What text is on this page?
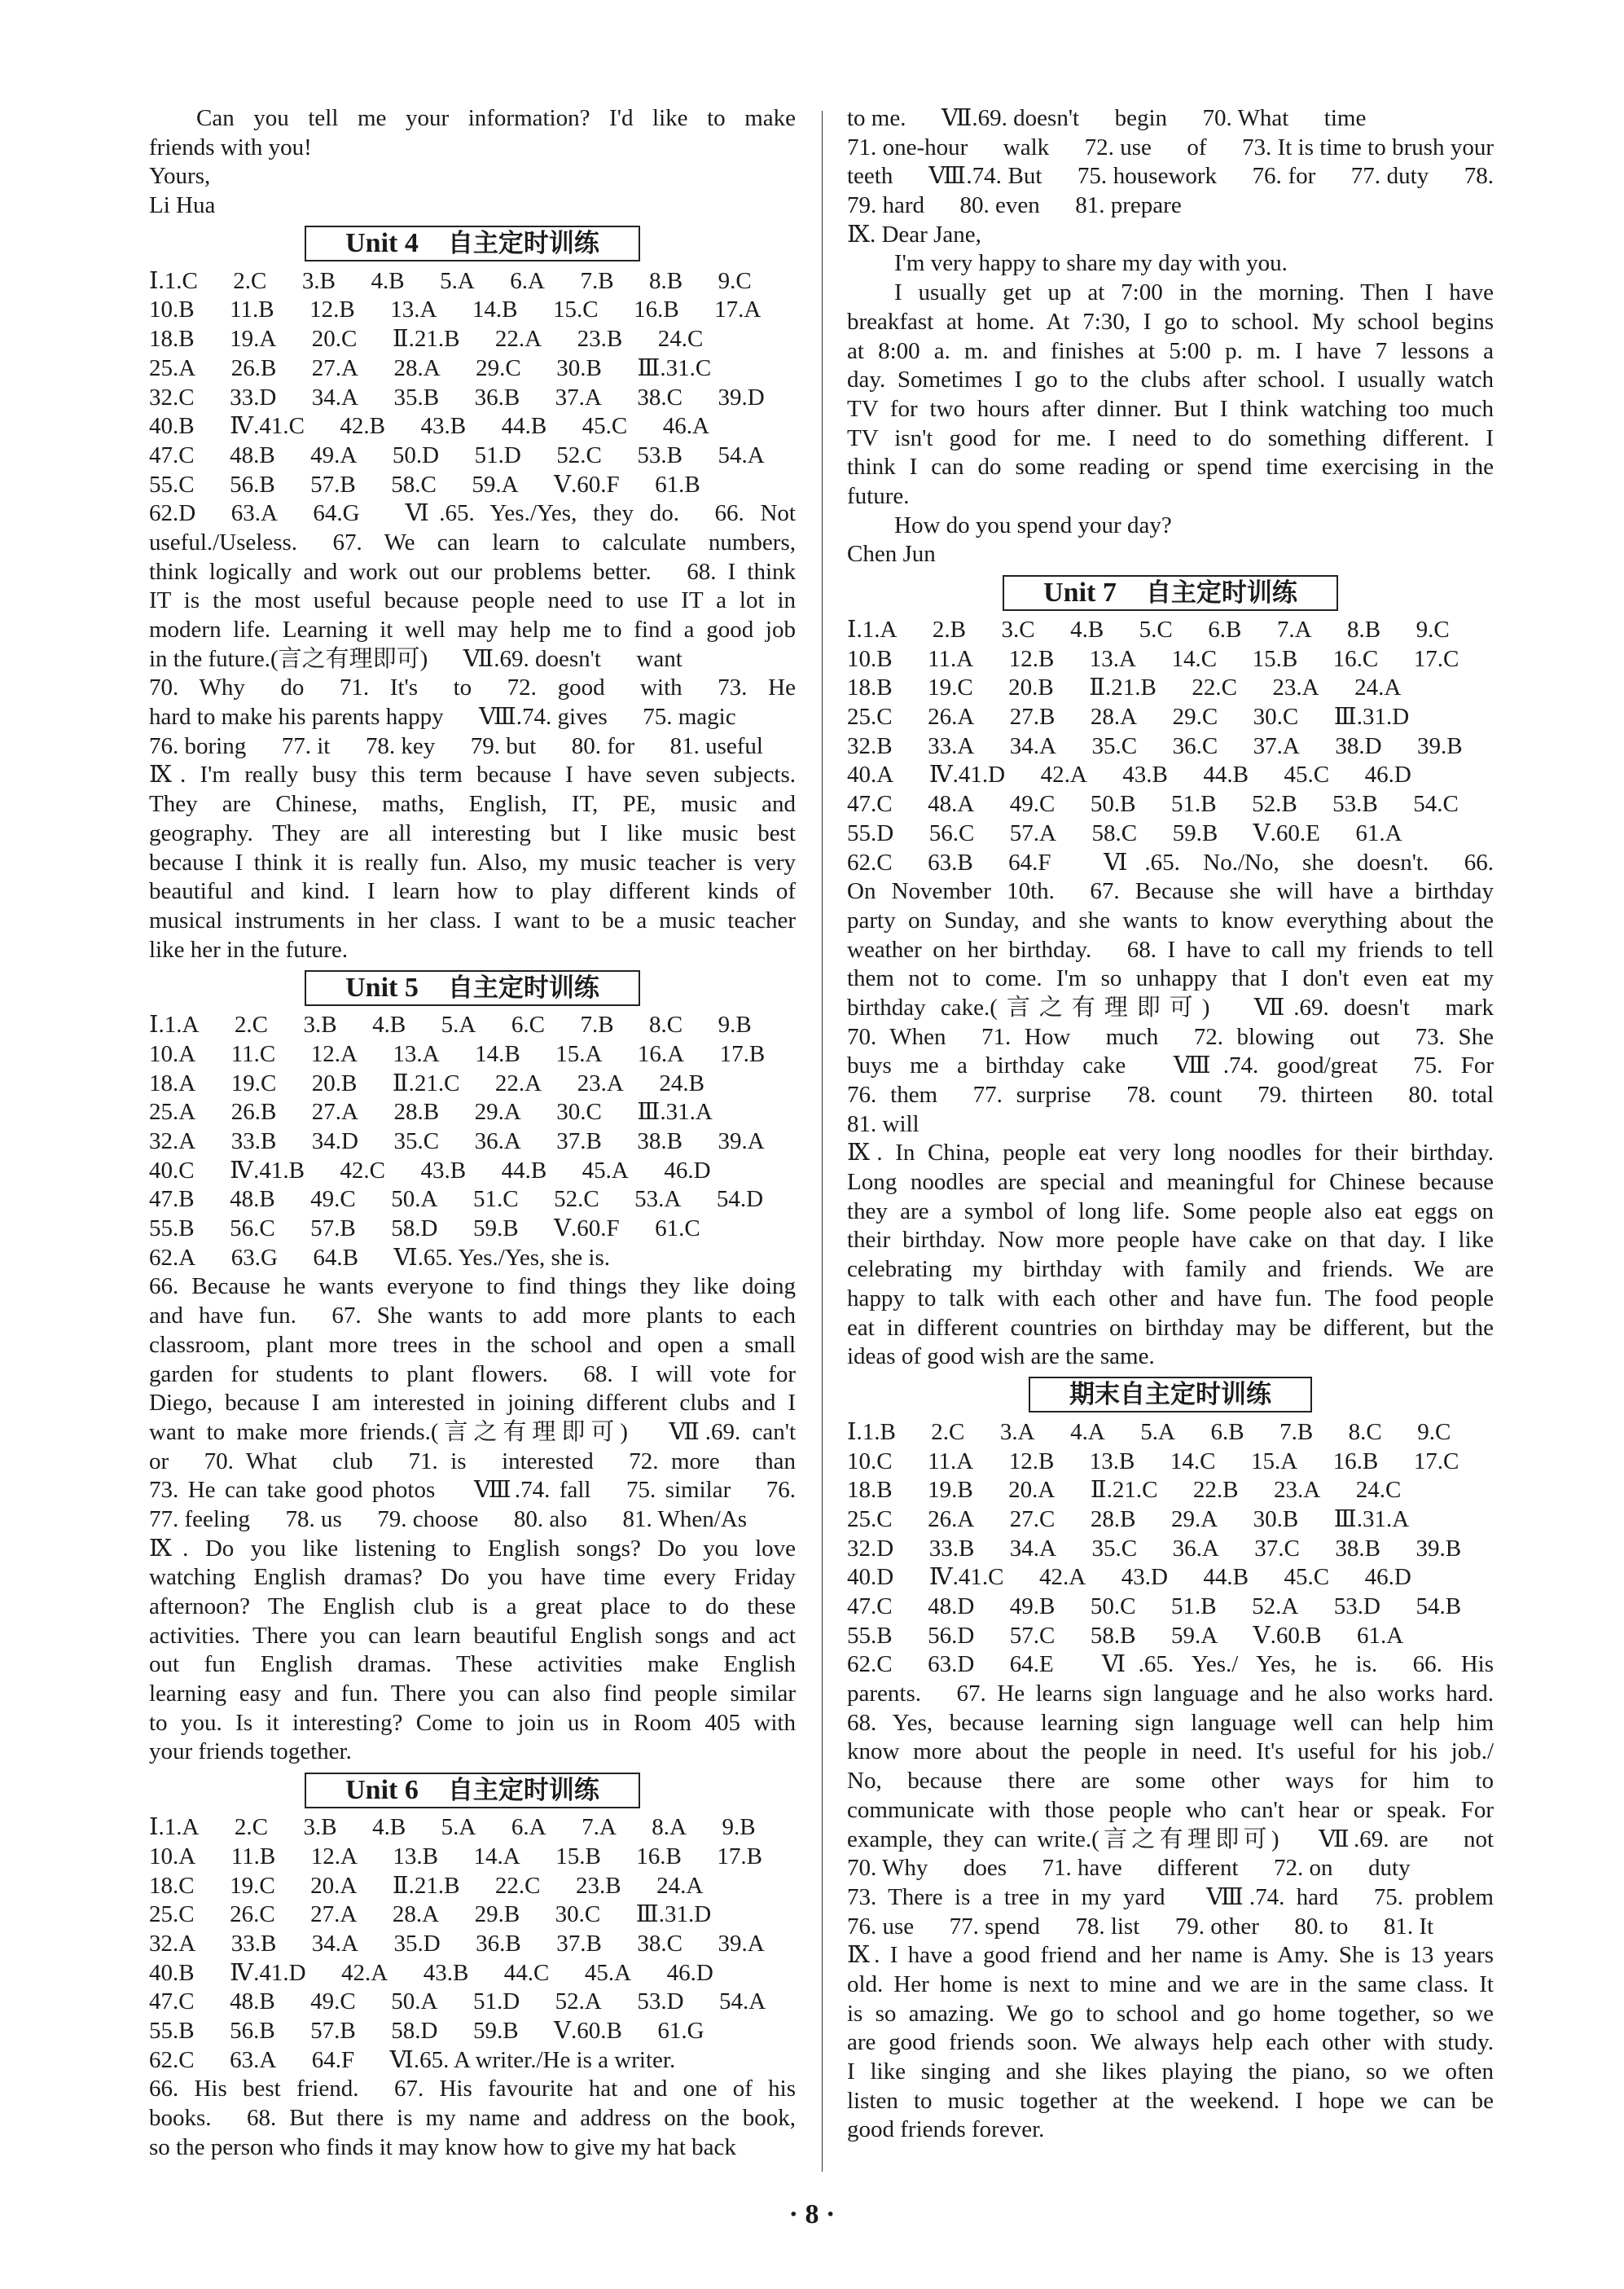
Can you tell me your information? I'd like to make
friends with you!
Yours,
Li Hua
Unit 4 自主定时训练
Ⅰ.1.C  2.C  3.B  4.B  5.A  6.A  7.B  8.B  9.C
10.B  11.B  12.B  13.A  14.B  15.C  16.B  17.A
18.B  19.A  20.C  Ⅱ.21.B  22.A  23.B  24.C
25.A  26.B  27.A  28.A  29.C  30.B  Ⅲ.31.C
32.C  33.D  34.A  35.B  36.B  37.A  38.C  39.D
40.B  Ⅳ.41.C  42.B  43.B  44.B  45.C  46.A
47.C  48.B  49.A  50.D  51.D  52.C  53.B  54.A
55.C  56.B  57.B  58.C  59.A  Ⅴ.60.F  61.B
62.D  63.A  64.G  Ⅵ.65. Yes./Yes, they do.  66. Not
useful./Useless.  67. We can learn to calculate numbers,
think logically and work out our problems better.  68. I think
IT is the most useful because people need to use IT a lot in
modern life. Learning it well may help me to find a good job
in the future.(言之有理即可)  Ⅶ.69. doesn't  want
70. Why  do  71. It's  to  72. good  with  73. He
hard to make his parents happy  Ⅷ.74. gives  75. magic
76. boring  77. it  78. key  79. but  80. for  81. useful
Ⅸ. I'm really busy this term because I have seven subjects.
They are Chinese, maths, English, IT, PE, music and
geography. They are all interesting but I like music best
because I think it is really fun. Also, my music teacher is very
beautiful and kind. I learn how to play different kinds of
musical instruments in her class. I want to be a music teacher
like her in the future.
Unit 5 自主定时训练
Ⅰ.1.A  2.C  3.B  4.B  5.A  6.C  7.B  8.C  9.B
10.A  11.C  12.A  13.A  14.B  15.A  16.A  17.B
18.A  19.C  20.B  Ⅱ.21.C  22.A  23.A  24.B
25.A  26.B  27.A  28.B  29.A  30.C  Ⅲ.31.A
32.A  33.B  34.D  35.C  36.A  37.B  38.B  39.A
40.C  Ⅳ.41.B  42.C  43.B  44.B  45.A  46.D
47.B  48.B  49.C  50.A  51.C  52.C  53.A  54.D
55.B  56.C  57.B  58.D  59.B  Ⅴ.60.F  61.C
62.A  63.G  64.B  Ⅵ.65. Yes./Yes, she is.
66. Because he wants everyone to find things they like doing
and have fun.  67. She wants to add more plants to each
classroom, plant more trees in the school and open a small
garden for students to plant flowers.  68. I will vote for
Diego, because I am interested in joining different clubs and I
want to make more friends.(言之有理即可)  Ⅶ.69. can't
or  70. What  club  71. is  interested  72. more  than
73. He can take good photos  Ⅷ.74. fall  75. similar  76.
77. feeling  78. us  79. choose  80. also  81. When/As
Ⅸ. Do you like listening to English songs? Do you love
watching English dramas? Do you have time every Friday
afternoon? The English club is a great place to do these
activities. There you can learn beautiful English songs and act
out fun English dramas. These activities make English
learning easy and fun. There you can also find people similar
to you. Is it interesting? Come to join us in Room 405 with
your friends together.
Unit 6 自主定时训练
Ⅰ.1.A  2.C  3.B  4.B  5.A  6.A  7.A  8.A  9.B
10.A  11.B  12.A  13.B  14.A  15.B  16.B  17.B
18.C  19.C  20.A  Ⅱ.21.B  22.C  23.B  24.A
25.C  26.C  27.A  28.A  29.B  30.C  Ⅲ.31.D
32.A  33.B  34.A  35.D  36.B  37.B  38.C  39.A
40.B  Ⅳ.41.D  42.A  43.B  44.C  45.A  46.D
47.C  48.B  49.C  50.A  51.D  52.A  53.D  54.A
55.B  56.B  57.B  58.D  59.B  Ⅴ.60.B  61.G
62.C  63.A  64.F  Ⅵ.65. A writer./He is a writer.
66. His best friend.  67. His favourite hat and one of his
books.  68. But there is my name and address on the book,
so the person who finds it may know how to give my hat back
to me.  Ⅶ.69. doesn't  begin  70. What  time
71. one-hour  walk  72. use  of  73. It is time to brush your
teeth  Ⅷ.74. But  75. housework  76. for  77. duty  78.
79. hard  80. even  81. prepare
Ⅸ. Dear Jane,
I'm very happy to share my day with you.
I usually get up at 7:00 in the morning. Then I have
breakfast at home. At 7:30, I go to school. My school begins
at 8:00 a. m. and finishes at 5:00 p. m. I have 7 lessons a
day. Sometimes I go to the clubs after school. I usually watch
TV for two hours after dinner. But I think watching too much
TV isn't good for me. I need to do something different. I
think I can do some reading or spend time exercising in the
future.
How do you spend your day?
Chen Jun
Unit 7 自主定时训练
Ⅰ.1.A  2.B  3.C  4.B  5.C  6.B  7.A  8.B  9.C
10.B  11.A  12.B  13.A  14.C  15.B  16.C  17.C
18.B  19.C  20.B  Ⅱ.21.B  22.C  23.A  24.A
25.C  26.A  27.B  28.A  29.C  30.C  Ⅲ.31.D
32.B  33.A  34.A  35.C  36.C  37.A  38.D  39.B
40.A  Ⅳ.41.D  42.A  43.B  44.B  45.C  46.D
47.C  48.A  49.C  50.B  51.B  52.B  53.B  54.C
55.D  56.C  57.A  58.C  59.B  Ⅴ.60.E  61.A
62.C  63.B  64.F  Ⅵ.65. No./No, she doesn't.  66.
On November 10th.  67. Because she will have a birthday
party on Sunday, and she wants to know everything about the
weather on her birthday.  68. I have to call my friends to tell
them not to come. I'm so unhappy that I don't even eat my
birthday cake.(言之有理即可)  Ⅶ.69. doesn't  mark
70. When  71. How  much  72. blowing  out  73. She
buys me a birthday cake  Ⅷ.74. good/great  75. For
76. them  77. surprise  78. count  79. thirteen  80. total
81. will
Ⅸ. In China, people eat very long noodles for their birthday.
Long noodles are special and meaningful for Chinese because
they are a symbol of long life. Some people also eat eggs on
their birthday. Now more people have cake on that day. I like
celebrating my birthday with family and friends. We are
happy to talk with each other and have fun. The food people
eat in different countries on birthday may be different, but the
ideas of good wish are the same.
期末自主定时训练
Ⅰ.1.B  2.C  3.A  4.A  5.A  6.B  7.B  8.C  9.C
10.C  11.A  12.B  13.B  14.C  15.A  16.B  17.C
18.B  19.B  20.A  Ⅱ.21.C  22.B  23.A  24.C
25.C  26.A  27.C  28.B  29.A  30.B  Ⅲ.31.A
32.D  33.B  34.A  35.C  36.A  37.C  38.B  39.B
40.D  Ⅳ.41.C  42.A  43.D  44.B  45.C  46.D
47.C  48.D  49.B  50.C  51.B  52.A  53.D  54.B
55.B  56.D  57.C  58.B  59.A  Ⅴ.60.B  61.A
62.C  63.D  64.E  Ⅵ.65. Yes./ Yes, he is.  66. His
parents.  67. He learns sign language and he also works hard.
68. Yes, because learning sign language well can help him
know more about the people in need. It's useful for his job./
No, because there are some other ways for him to
communicate with those people who can't hear or speak. For
example, they can write.(言之有理即可)  Ⅶ.69. are  not
70. Why  does  71. have  different  72. on  duty
73. There is a tree in my yard  Ⅷ.74. hard  75. problem
76. use  77. spend  78. list  79. other  80. to  81. It
Ⅸ. I have a good friend and her name is Amy. She is 13 years
old. Her home is next to mine and we are in the same class. It
is so amazing. We go to school and go home together, so we
are good friends soon. We always help each other with study.
I like singing and she likes playing the piano, so we often
listen to music together at the weekend. I hope we can be
good friends forever.
· 8 ·
